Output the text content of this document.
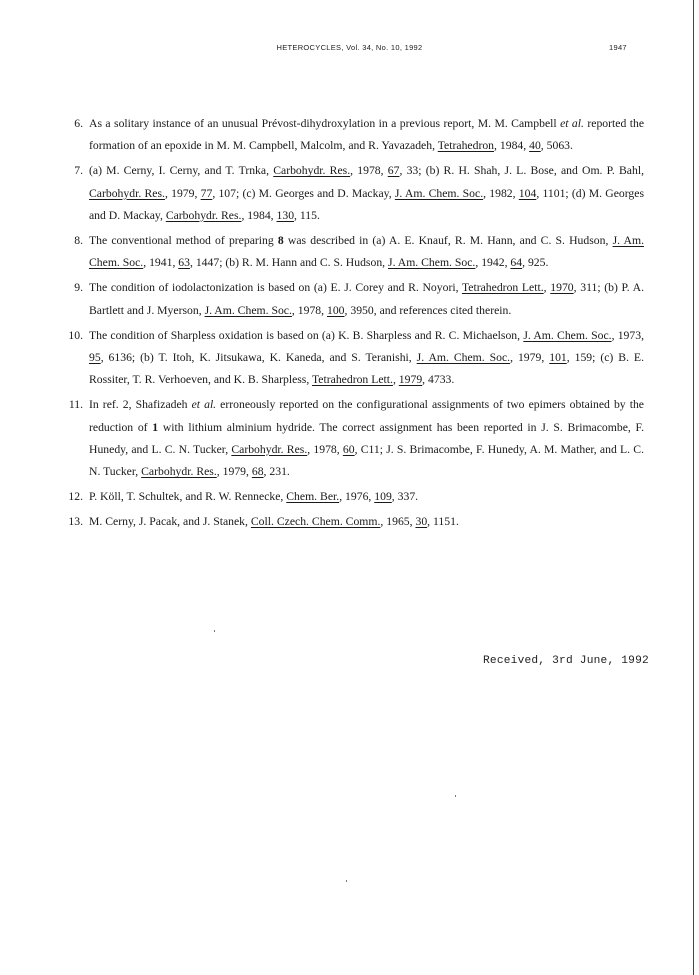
HETEROCYCLES, Vol. 34, No. 10, 1992	1947
6. As a solitary instance of an unusual Prévost-dihydroxylation in a previous report, M. M. Campbell et al. reported the formation of an epoxide in M. M. Campbell, Malcolm, and R. Yavazadeh, Tetrahedron, 1984, 40, 5063.
7. (a) M. Cerny, I. Cerny, and T. Trnka, Carbohydr. Res., 1978, 67, 33; (b) R. H. Shah, J. L. Bose, and Om. P. Bahl, Carbohydr. Res., 1979, 77, 107; (c) M. Georges and D. Mackay, J. Am. Chem. Soc., 1982, 104, 1101; (d) M. Georges and D. Mackay, Carbohydr. Res., 1984, 130, 115.
8. The conventional method of preparing 8 was described in (a) A. E. Knauf, R. M. Hann, and C. S. Hudson, J. Am. Chem. Soc., 1941, 63, 1447; (b) R. M. Hann and C. S. Hudson, J. Am. Chem. Soc., 1942, 64, 925.
9. The condition of iodolactonization is based on (a) E. J. Corey and R. Noyori, Tetrahedron Lett., 1970, 311; (b) P. A. Bartlett and J. Myerson, J. Am. Chem. Soc., 1978, 100, 3950, and references cited therein.
10. The condition of Sharpless oxidation is based on (a) K. B. Sharpless and R. C. Michaelson, J. Am. Chem. Soc., 1973, 95, 6136; (b) T. Itoh, K. Jitsukawa, K. Kaneda, and S. Teranishi, J. Am. Chem. Soc., 1979, 101, 159; (c) B. E. Rossiter, T. R. Verhoeven, and K. B. Sharpless, Tetrahedron Lett., 1979, 4733.
11. In ref. 2, Shafizadeh et al. erroneously reported on the configurational assignments of two epimers obtained by the reduction of 1 with lithium alminium hydride. The correct assignment has been reported in J. S. Brimacombe, F. Hunedy, and L. C. N. Tucker, Carbohydr. Res., 1978, 60, C11; J. S. Brimacombe, F. Hunedy, A. M. Mather, and L. C. N. Tucker, Carbohydr. Res., 1979, 68, 231.
12. P. Köll, T. Schultek, and R. W. Rennecke, Chem. Ber., 1976, 109, 337.
13. M. Cerny, J. Pacak, and J. Stanek, Coll. Czech. Chem. Comm., 1965, 30, 1151.
Received, 3rd June, 1992
